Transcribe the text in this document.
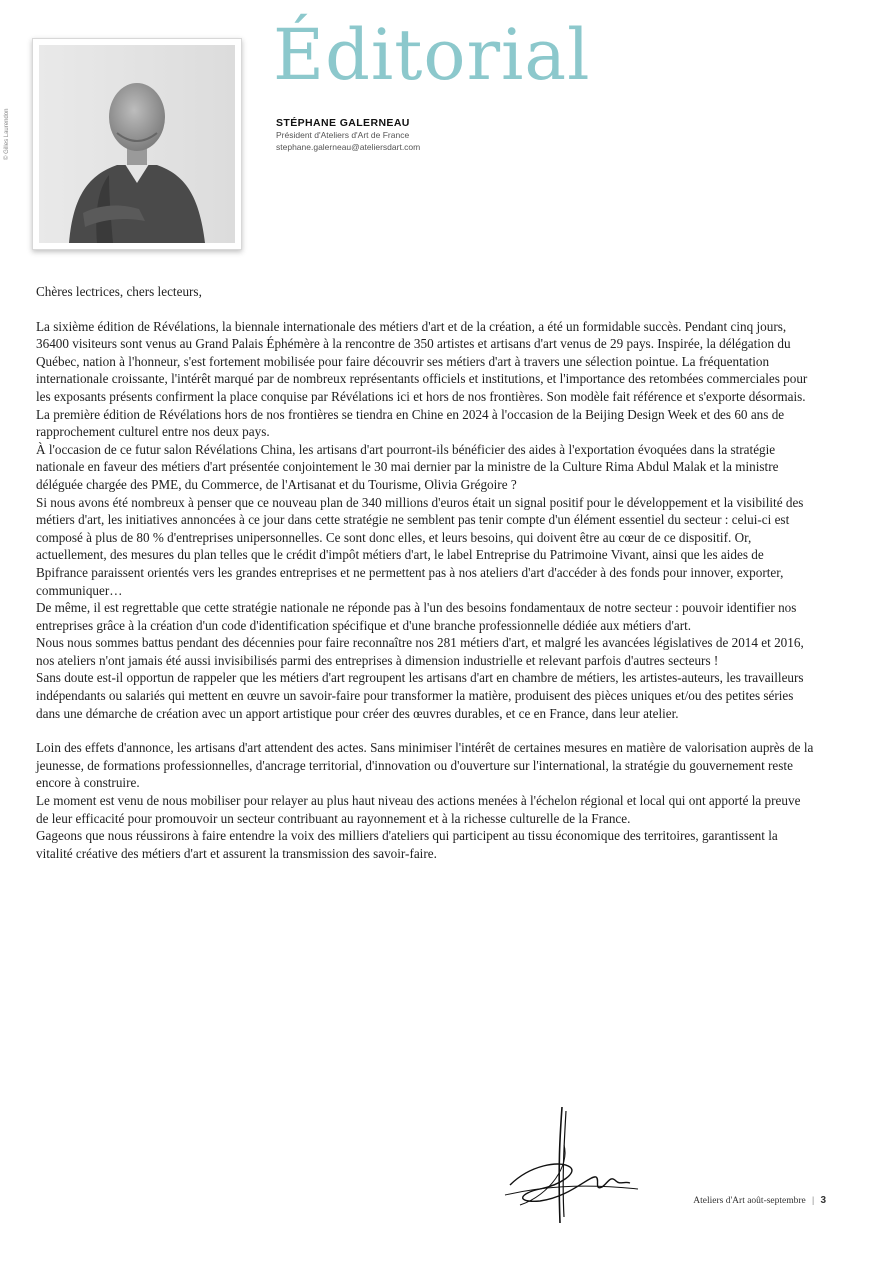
© Gilles Laurendon
Éditorial
STÉPHANE GALERNEAU
Président d'Ateliers d'Art de France
stephane.galerneau@ateliersdart.com

Chères lectrices, chers lecteurs,

La sixième édition de Révélations, la biennale internationale des métiers d'art et de la création, a été un formidable succès. Pendant cinq jours, 36400 visiteurs sont venus au Grand Palais Éphémère à la rencontre de 350 artistes et artisans d'art venus de 29 pays. Inspirée, la délégation du Québec, nation à l'honneur, s'est fortement mobilisée pour faire découvrir ses métiers d'art à travers une sélection pointue. La fréquentation internationale croissante, l'intérêt marqué par de nombreux représentants officiels et institutions, et l'importance des retombées commerciales pour les exposants présents confirment la place conquise par Révélations ici et hors de nos frontières. Son modèle fait référence et s'exporte désormais. La première édition de Révélations hors de nos frontières se tiendra en Chine en 2024 à l'occasion de la Beijing Design Week et des 60 ans de rapprochement culturel entre nos deux pays.

À l'occasion de ce futur salon Révélations China, les artisans d'art pourront-ils bénéficier des aides à l'exportation évoquées dans la stratégie nationale en faveur des métiers d'art présentée conjointement le 30 mai dernier par la ministre de la Culture Rima Abdul Malak et la ministre déléguée chargée des PME, du Commerce, de l'Artisanat et du Tourisme, Olivia Grégoire ?

Si nous avons été nombreux à penser que ce nouveau plan de 340 millions d'euros était un signal positif pour le développement et la visibilité des métiers d'art, les initiatives annoncées à ce jour dans cette stratégie ne semblent pas tenir compte d'un élément essentiel du secteur : celui-ci est composé à plus de 80 % d'entreprises unipersonnelles. Ce sont donc elles, et leurs besoins, qui doivent être au cœur de ce dispositif. Or, actuellement, des mesures du plan telles que le crédit d'impôt métiers d'art, le label Entreprise du Patrimoine Vivant, ainsi que les aides de Bpifrance paraissent orientés vers les grandes entreprises et ne permettent pas à nos ateliers d'art d'accéder à des fonds pour innover, exporter, communiquer…

De même, il est regrettable que cette stratégie nationale ne réponde pas à l'un des besoins fondamentaux de notre secteur : pouvoir identifier nos entreprises grâce à la création d'un code d'identification spécifique et d'une branche professionnelle dédiée aux métiers d'art.

Nous nous sommes battus pendant des décennies pour faire reconnaître nos 281 métiers d'art, et malgré les avancées législatives de 2014 et 2016, nos ateliers n'ont jamais été aussi invisibilisés parmi des entreprises à dimension industrielle et relevant parfois d'autres secteurs !

Sans doute est-il opportun de rappeler que les métiers d'art regroupent les artisans d'art en chambre de métiers, les artistes-auteurs, les travailleurs indépendants ou salariés qui mettent en œuvre un savoir-faire pour transformer la matière, produisent des pièces uniques et/ou des petites séries dans une démarche de création avec un apport artistique pour créer des œuvres durables, et ce en France, dans leur atelier.

Loin des effets d'annonce, les artisans d'art attendent des actes. Sans minimiser l'intérêt de certaines mesures en matière de valorisation auprès de la jeunesse, de formations professionnelles, d'ancrage territorial, d'innovation ou d'ouverture sur l'international, la stratégie du gouvernement reste encore à construire.

Le moment est venu de nous mobiliser pour relayer au plus haut niveau des actions menées à l'échelon régional et local qui ont apporté la preuve de leur efficacité pour promouvoir un secteur contribuant au rayonnement et à la richesse culturelle de la France.

Gageons que nous réussirons à faire entendre la voix des milliers d'ateliers qui participent au tissu économique des territoires, garantissent la vitalité créative des métiers d'art et assurent la transmission des savoir-faire.

Ateliers d'Art août-septembre | 3
